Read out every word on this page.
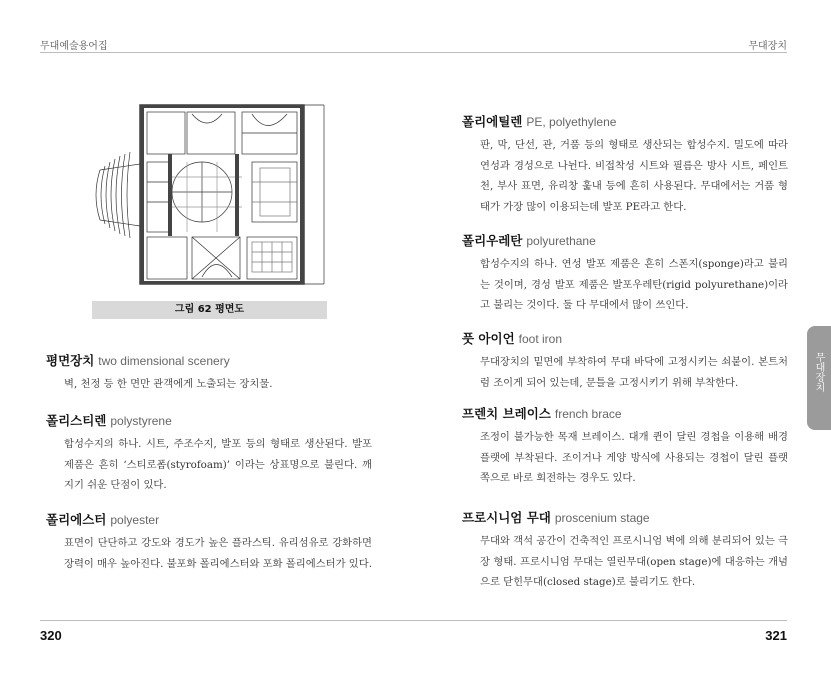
무대예술용어집	무대장치
그림 62 평면도
평면장치 two dimensional scenery

벽, 천정 등 한 면만 관객에게 노출되는 장치물.

폴리스티렌 polystyrene

합성수지의 하나. 시트, 주조수지, 발포 등의 형태로 생산된다. 발포 제품은 흔히 ‘스티로폼(styrofoam)’ 이라는 상표명으로 불린다. 깨지기 쉬운 단점이 있다.

폴리에스터 polyester

표면이 단단하고 강도와 경도가 높은 플라스틱. 유리섬유로 강화하면 장력이 매우 높아진다. 불포화 폴리에스터와 포화 폴리에스터가 있다.

폴리에틸렌 PE, polyethylene

판, 막, 단선, 관, 거품 등의 형태로 생산되는 합성수지. 밀도에 따라 연성과 경성으로 나뉜다. 비접착성 시트와 필름은 방사 시트, 페인트천, 부사 표면, 유리창 훑내 등에 흔히 사용된다. 무대에서는 거품 형태가 가장 많이 이용되는데 발포 PE라고 한다.

폴리우레탄 polyurethane

합성수지의 하나. 연성 발포 제품은 흔히 스폰지(sponge)라고 불리는 것이며, 경성 발포 제품은 발포우레탄(rigid polyurethane)이라고 불리는 것이다. 둘 다 무대에서 많이 쓰인다.

풋 아이언 foot iron

무대장치의 밑면에 부착하여 무대 바닥에 고정시키는 쇠붙이. 본트처럼 조이게 되어 있는데, 문틀을 고정시키기 위해 부착한다.

프렌치 브레이스 french brace

조정이 불가능한 목재 브레이스. 대개 퀸이 달린 경첩을 이용해 배경 플랫에 부착된다. 조이거나 게양 방식에 사용되는 경첩이 달린 플랫 쪽으로 바로 회전하는 경우도 있다.

프로시니엄 무대 proscenium stage

무대와 객석 공간이 건축적인 프로시니엄 벽에 의해 분리되어 있는 극장 형태. 프로시니엄 무대는 열린무대(open stage)에 대응하는 개념으로 닫힌무대(closed stage)로 불리기도 한다.

무대장치
320	321
